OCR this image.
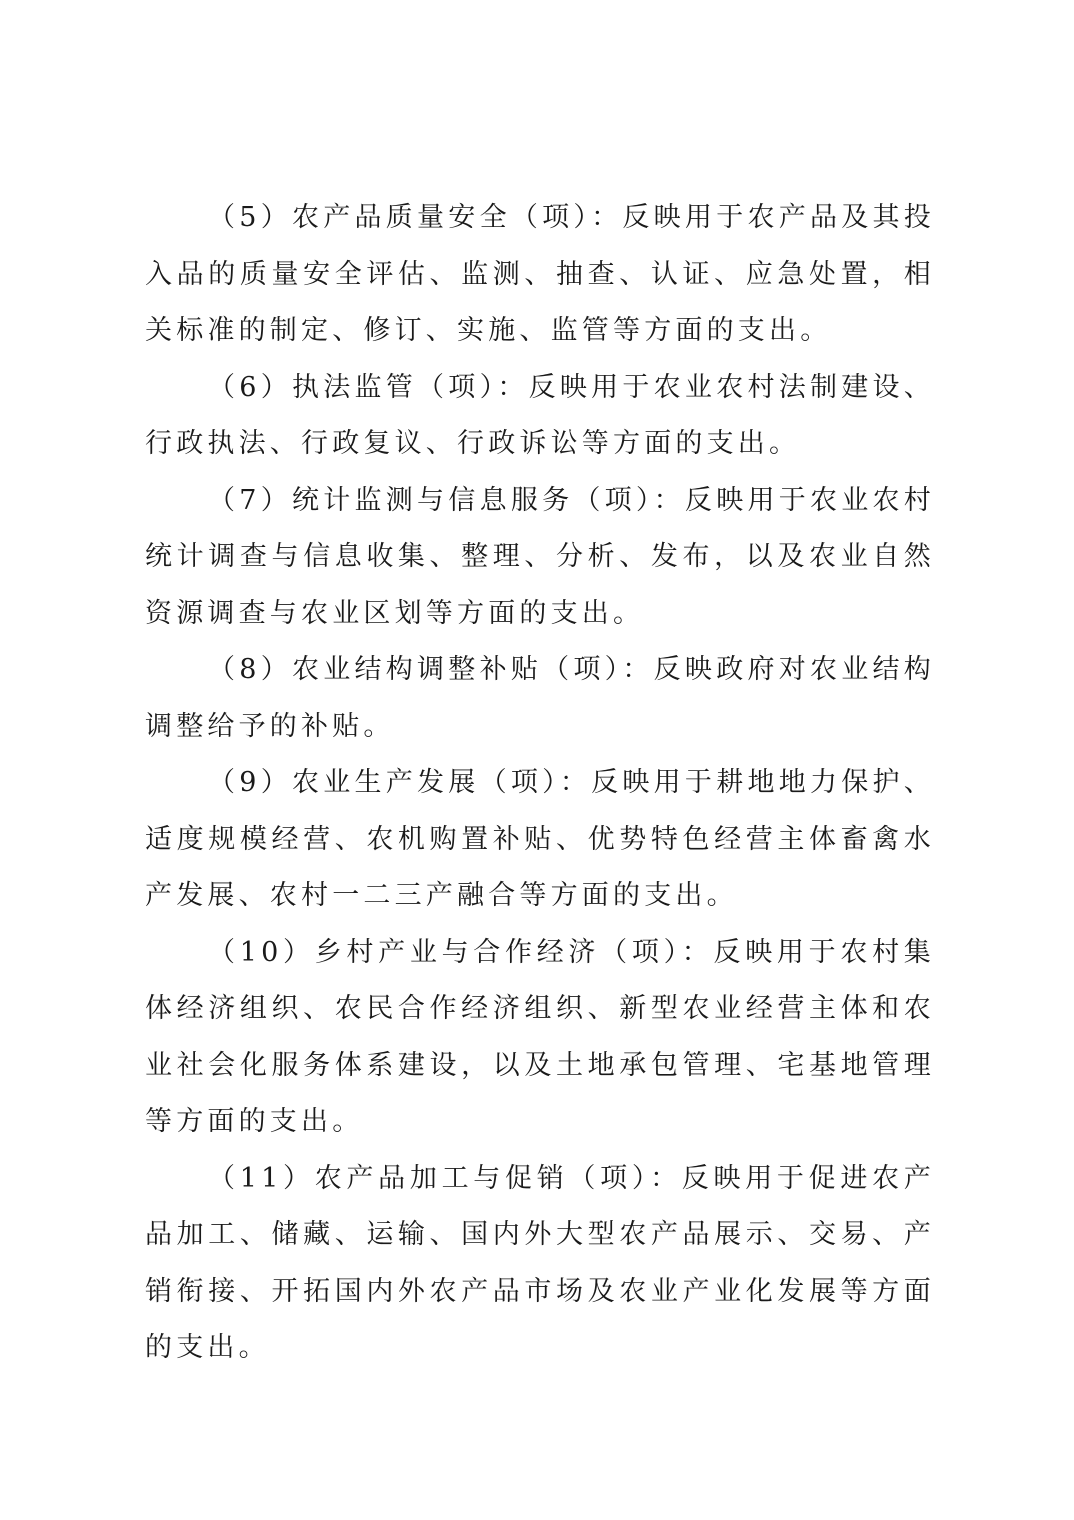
（5）农产品质量安全（项）：反映用于农产品及其投入品的质量安全评估、监测、抽查、认证、应急处置，相关标准的制定、修订、实施、监管等方面的支出。

（6）执法监管（项）：反映用于农业农村法制建设、行政执法、行政复议、行政诉讼等方面的支出。

（7）统计监测与信息服务（项）：反映用于农业农村统计调查与信息收集、整理、分析、发布，以及农业自然资源调查与农业区划等方面的支出。

（8）农业结构调整补贴（项）：反映政府对农业结构调整给予的补贴。

（9）农业生产发展（项）：反映用于耕地地力保护、适度规模经营、农机购置补贴、优势特色经营主体畜禽水产发展、农村一二三产融合等方面的支出。

（10）乡村产业与合作经济（项）：反映用于农村集体经济组织、农民合作经济组织、新型农业经营主体和农业社会化服务体系建设，以及土地承包管理、宅基地管理等方面的支出。

（11）农产品加工与促销（项）：反映用于促进农产品加工、储藏、运输、国内外大型农产品展示、交易、产销衔接、开拓国内外农产品市场及农业产业化发展等方面的支出。
